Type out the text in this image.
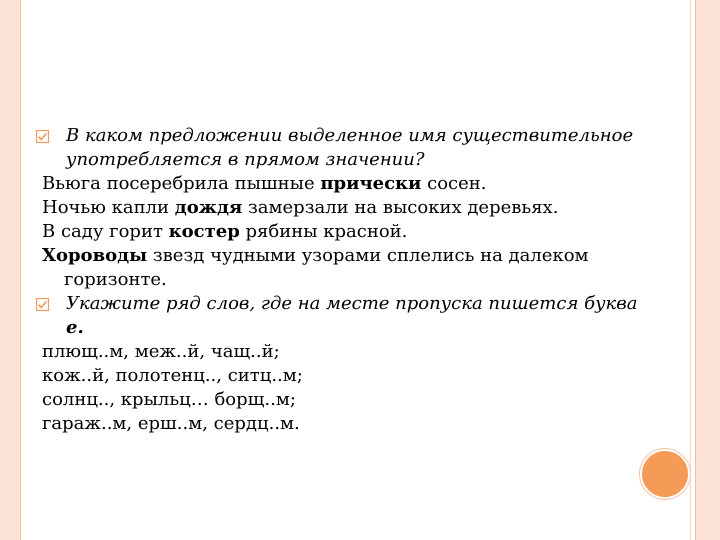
В каком предложении выделенное имя существительное употребляется в прямом значении?

Вьюга посеребрила пышные прически сосен.

Ночью капли дождя замерзали на высоких деревьях.

В саду горит костер рябины красной.

Хороводы звезд чудными узорами сплелись на далеком горизонте.

Укажите ряд слов, где на месте пропуска пишется буква е.

плющ..м, меж..й, чащ..й;

кож..й, полотенц.., ситц..м;

солнц.., крыльц… борщ..м;

гараж..м, ерш..м, сердц..м.
